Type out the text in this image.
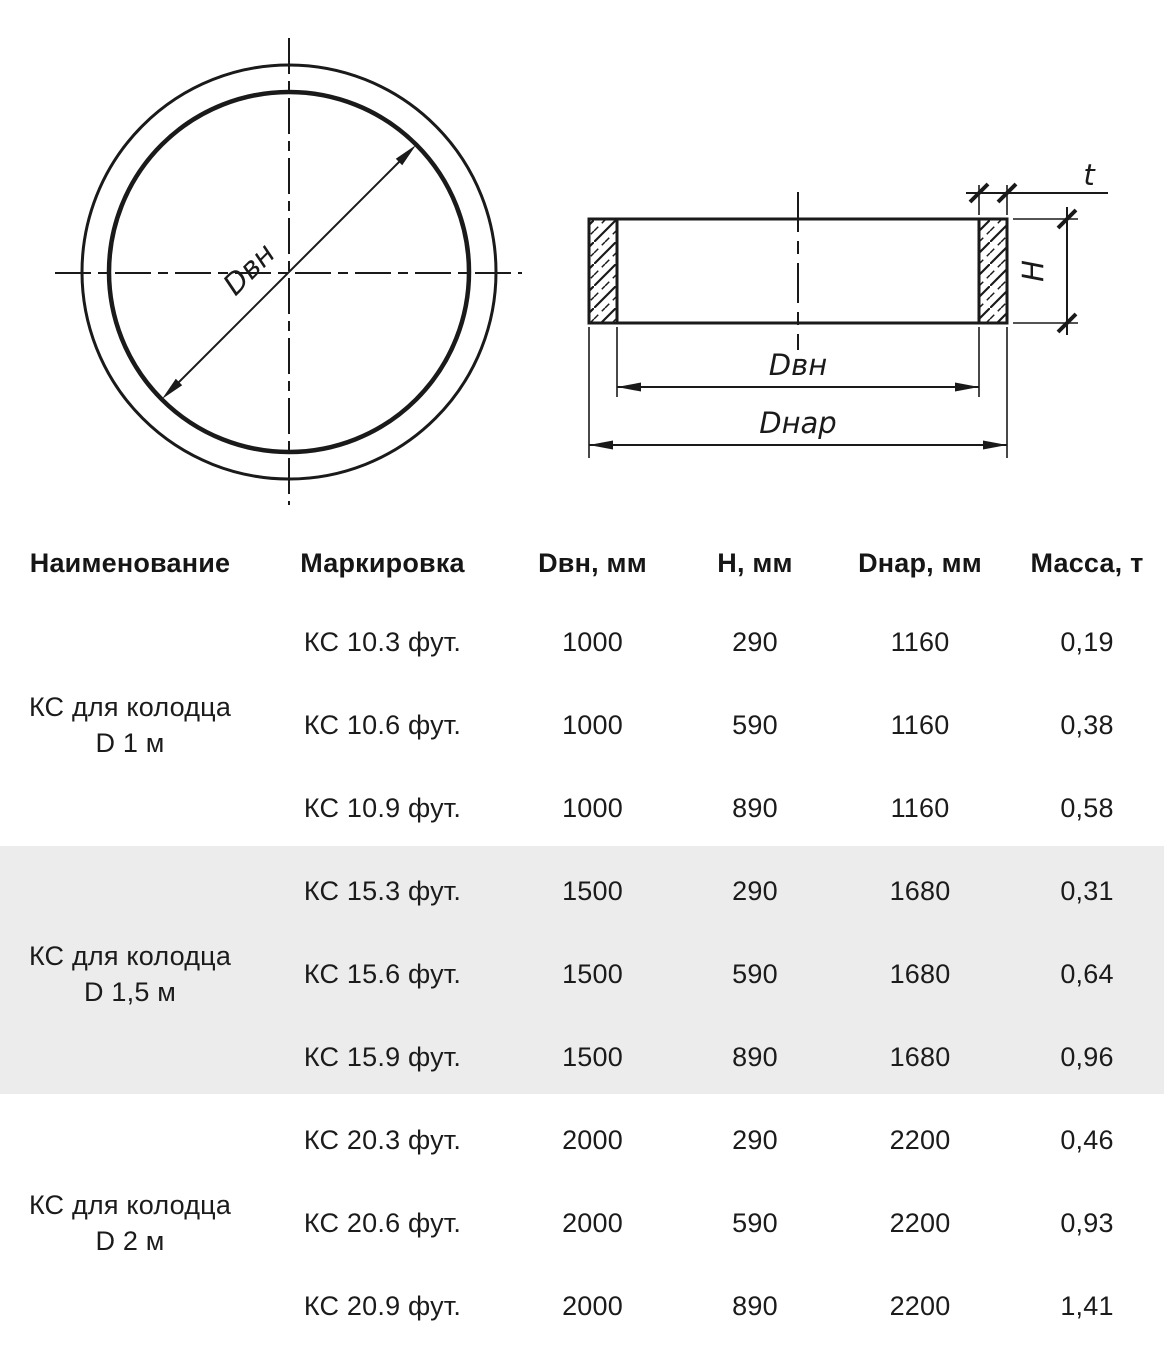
Dвн
Dвн
Dнар
H
t
Наименование	Маркировка	Dвн, мм	H, мм	Dнар, мм	Масса, т
КС для колодца
D 1 м
КС 10.3 фут.	1000	290	1160	0,19
КС 10.6 фут.	1000	590	1160	0,38
КС 10.9 фут.	1000	890	1160	0,58
КС для колодца
D 1,5 м
КС 15.3 фут.	1500	290	1680	0,31
КС 15.6 фут.	1500	590	1680	0,64
КС 15.9 фут.	1500	890	1680	0,96
КС для колодца
D 2 м
КС 20.3 фут.	2000	290	2200	0,46
КС 20.6 фут.	2000	590	2200	0,93
КС 20.9 фут.	2000	890	2200	1,41
